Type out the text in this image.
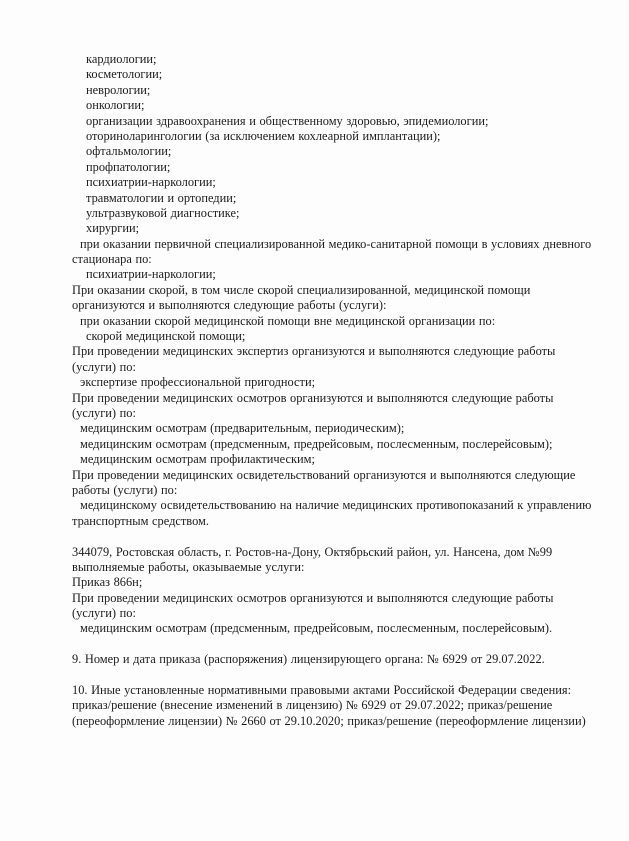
кардиологии;
косметологии;
неврологии;
онкологии;
организации здравоохранения и общественному здоровью, эпидемиологии;
оториноларингологии (за исключением кохлеарной имплантации);
офтальмологии;
профпатологии;
психиатрии-наркологии;
травматологии и ортопедии;
ультразвуковой диагностике;
хирургии;
при оказании первичной специализированной медико-санитарной помощи в условиях дневного
стационара по:
психиатрии-наркологии;
При оказании скорой, в том числе скорой специализированной, медицинской помощи
организуются и выполняются следующие работы (услуги):
при оказании скорой медицинской помощи вне медицинской организации по:
скорой медицинской помощи;
При проведении медицинских экспертиз организуются и выполняются следующие работы
(услуги) по:
экспертизе профессиональной пригодности;
При проведении медицинских осмотров организуются и выполняются следующие работы
(услуги) по:
медицинским осмотрам (предварительным, периодическим);
медицинским осмотрам (предсменным, предрейсовым, послесменным, послерейсовым);
медицинским осмотрам профилактическим;
При проведении медицинских освидетельствований организуются и выполняются следующие
работы (услуги) по:
медицинскому освидетельствованию на наличие медицинских противопоказаний к управлению
транспортным средством.
344079, Ростовская область, г. Ростов-на-Дону, Октябрьский район, ул. Нансена, дом №99
выполняемые работы, оказываемые услуги:
Приказ 866н;
При проведении медицинских осмотров организуются и выполняются следующие работы
(услуги) по:
медицинским осмотрам (предсменным, предрейсовым, послесменным, послерейсовым).
9. Номер и дата приказа (распоряжения) лицензирующего органа: № 6929 от 29.07.2022.
10. Иные установленные нормативными правовыми актами Российской Федерации сведения:
приказ/решение (внесение изменений в лицензию) № 6929 от 29.07.2022; приказ/решение
(переоформление лицензии) № 2660 от 29.10.2020; приказ/решение (переоформление лицензии)
